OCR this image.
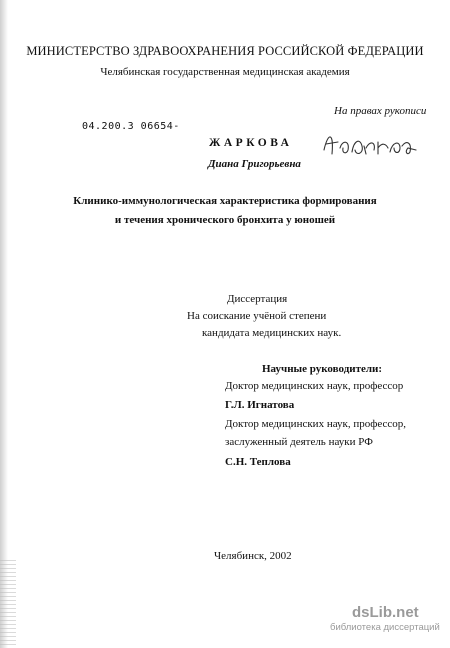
МИНИСТЕРСТВО ЗДРАВООХРАНЕНИЯ РОССИЙСКОЙ ФЕДЕРАЦИИ
Челябинская государственная медицинская академия
На правах рукописи
04.200.3 06654-
ЖАРКОВА
Диана Григорьевна
Клинико-иммунологическая характеристика формирования
и течения хронического бронхита у юношей
Диссертация
На соискание учёной степени
кандидата медицинских наук.
Научные руководители:
Доктор медицинских наук, профессор
Г.Л. Игнатова
Доктор медицинских наук, профессор,
заслуженный деятель науки РФ
С.Н. Теплова
Челябинск, 2002
dsLib.net
библиотека диссертаций
